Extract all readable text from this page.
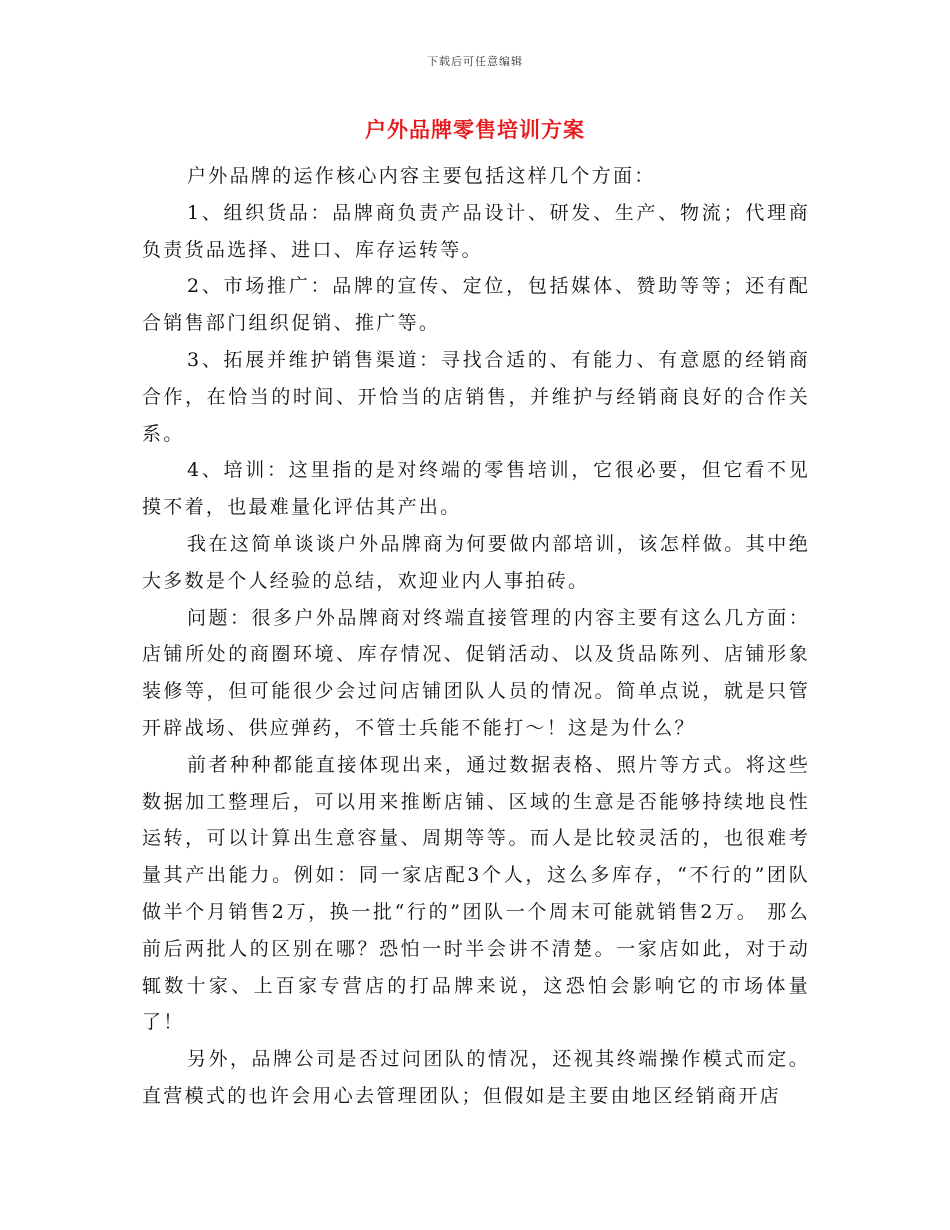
下载后可任意编辑
户外品牌零售培训方案

户外品牌的运作核心内容主要包括这样几个方面：

1、组织货品：品牌商负责产品设计、研发、生产、物流；代理商负责货品选择、进口、库存运转等。

2、市场推广：品牌的宣传、定位，包括媒体、赞助等等；还有配合销售部门组织促销、推广等。

3、拓展并维护销售渠道：寻找合适的、有能力、有意愿的经销商合作，在恰当的时间、开恰当的店销售，并维护与经销商良好的合作关系。

4、培训：这里指的是对终端的零售培训，它很必要，但它看不见摸不着，也最难量化评估其产出。

我在这简单谈谈户外品牌商为何要做内部培训，该怎样做。其中绝大多数是个人经验的总结，欢迎业内人事拍砖。

问题：很多户外品牌商对终端直接管理的内容主要有这么几方面：店铺所处的商圈环境、库存情况、促销活动、以及货品陈列、店铺形象装修等，但可能很少会过问店铺团队人员的情况。简单点说，就是只管开辟战场、供应弹药，不管士兵能不能打～！这是为什么？

前者种种都能直接体现出来，通过数据表格、照片等方式。将这些数据加工整理后，可以用来推断店铺、区域的生意是否能够持续地良性运转，可以计算出生意容量、周期等等。而人是比较灵活的，也很难考量其产出能力。例如：同一家店配3个人，这么多库存，“不行的”团队做半个月销售2万，换一批“行的”团队一个周末可能就销售2万。 那么前后两批人的区别在哪？恐怕一时半会讲不清楚。一家店如此，对于动辄数十家、上百家专营店的打品牌来说，这恐怕会影响它的市场体量了！

另外，品牌公司是否过问团队的情况，还视其终端操作模式而定。直营模式的也许会用心去管理团队；但假如是主要由地区经销商开店
